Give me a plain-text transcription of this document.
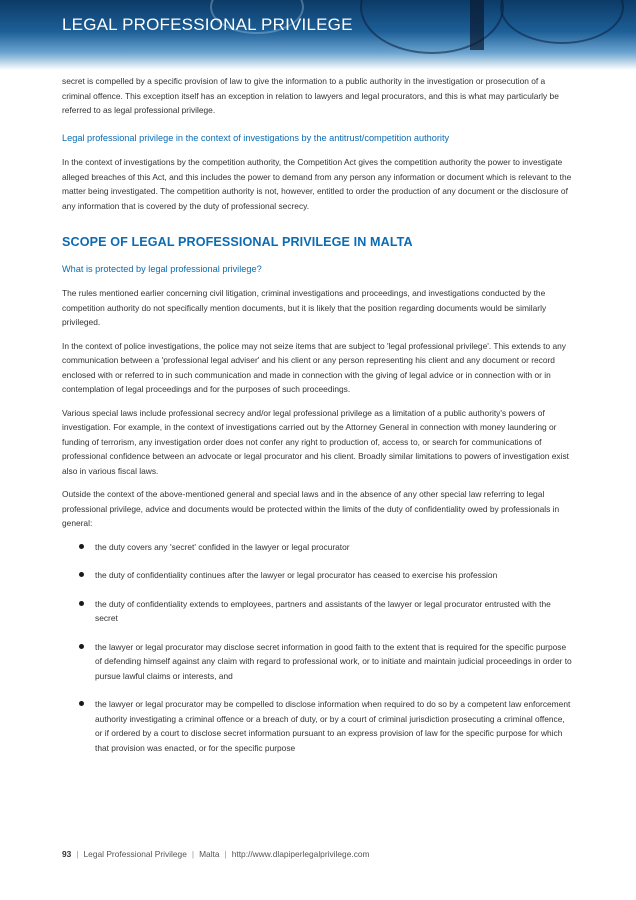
LEGAL PROFESSIONAL PRIVILEGE

secret is compelled by a specific provision of law to give the information to a public authority in the investigation or prosecution of a criminal offence. This exception itself has an exception in relation to lawyers and legal procurators, and this is what may particularly be referred to as legal professional privilege.

Legal professional privilege in the context of investigations by the antitrust/competition authority

In the context of investigations by the competition authority, the Competition Act gives the competition authority the power to investigate alleged breaches of this Act, and this includes the power to demand from any person any information or document which is relevant to the matter being investigated. The competition authority is not, however, entitled to order the production of any document or the disclosure of any information that is covered by the duty of professional secrecy.

SCOPE OF LEGAL PROFESSIONAL PRIVILEGE IN MALTA
What is protected by legal professional privilege?

The rules mentioned earlier concerning civil litigation, criminal investigations and proceedings, and investigations conducted by the competition authority do not specifically mention documents, but it is likely that the position regarding documents would be similarly privileged.

In the context of police investigations, the police may not seize items that are subject to 'legal professional privilege'. This extends to any communication between a 'professional legal adviser' and his client or any person representing his client and any document or record enclosed with or referred to in such communication and made in connection with the giving of legal advice or in connection with or in contemplation of legal proceedings and for the purposes of such proceedings.

Various special laws include professional secrecy and/or legal professional privilege as a limitation of a public authority's powers of investigation. For example, in the context of investigations carried out by the Attorney General in connection with money laundering or funding of terrorism, any investigation order does not confer any right to production of, access to, or search for communications of professional confidence between an advocate or legal procurator and his client. Broadly similar limitations to powers of investigation exist also in various fiscal laws.

Outside the context of the above-mentioned general and special laws and in the absence of any other special law referring to legal professional privilege, advice and documents would be protected within the limits of the duty of confidentiality owed by professionals in general:

the duty covers any 'secret' confided in the lawyer or legal procurator
the duty of confidentiality continues after the lawyer or legal procurator has ceased to exercise his profession
the duty of confidentiality extends to employees, partners and assistants of the lawyer or legal procurator entrusted with the secret
the lawyer or legal procurator may disclose secret information in good faith to the extent that is required for the specific purpose of defending himself against any claim with regard to professional work, or to initiate and maintain judicial proceedings in order to pursue lawful claims or interests, and
the lawyer or legal procurator may be compelled to disclose information when required to do so by a competent law enforcement authority investigating a criminal offence or a breach of duty, or by a court of criminal jurisdiction prosecuting a criminal offence, or if ordered by a court to disclose secret information pursuant to an express provision of law for the specific purpose for which that provision was enacted, or for the specific purpose
93 | Legal Professional Privilege | Malta | http://www.dlapiperlegalprivilege.com
